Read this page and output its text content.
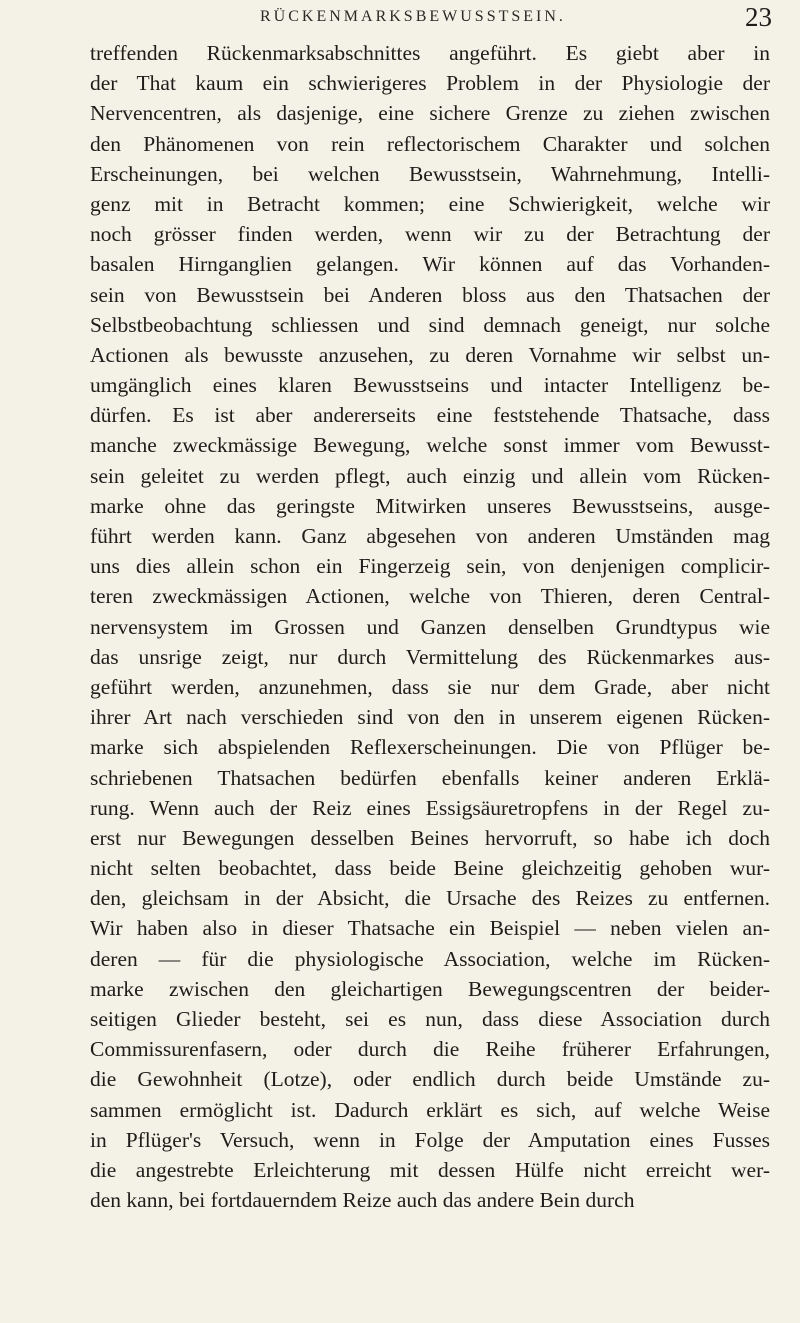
RÜCKENMARKSBEWUSSTSEIN.	23
treffenden Rückenmarksabschnittes angeführt. Es giebt aber in
der That kaum ein schwierigeres Problem in der Physiologie der
Nervencentren, als dasjenige, eine sichere Grenze zu ziehen zwischen
den Phänomenen von rein reflectorischem Charakter und solchen
Erscheinungen, bei welchen Bewusstsein, Wahrnehmung, Intelli-
genz mit in Betracht kommen; eine Schwierigkeit, welche wir
noch grösser finden werden, wenn wir zu der Betrachtung der
basalen Hirnganglien gelangen. Wir können auf das Vorhanden-
sein von Bewusstsein bei Anderen bloss aus den Thatsachen der
Selbstbeobachtung schliessen und sind demnach geneigt, nur solche
Actionen als bewusste anzusehen, zu deren Vornahme wir selbst un-
umgänglich eines klaren Bewusstseins und intacter Intelligenz be-
dürfen. Es ist aber andererseits eine feststehende Thatsache, dass
manche zweckmässige Bewegung, welche sonst immer vom Bewusst-
sein geleitet zu werden pflegt, auch einzig und allein vom Rücken-
marke ohne das geringste Mitwirken unseres Bewusstseins, ausge-
führt werden kann. Ganz abgesehen von anderen Umständen mag
uns dies allein schon ein Fingerzeig sein, von denjenigen complicir-
teren zweckmässigen Actionen, welche von Thieren, deren Central-
nervensystem im Grossen und Ganzen denselben Grundtypus wie
das unsrige zeigt, nur durch Vermittelung des Rückenmarkes aus-
geführt werden, anzunehmen, dass sie nur dem Grade, aber nicht
ihrer Art nach verschieden sind von den in unserem eigenen Rücken-
marke sich abspielenden Reflexerscheinungen. Die von Pflüger be-
schriebenen Thatsachen bedürfen ebenfalls keiner anderen Erklä-
rung. Wenn auch der Reiz eines Essigsäuretropfens in der Regel zu-
erst nur Bewegungen desselben Beines hervorruft, so habe ich doch
nicht selten beobachtet, dass beide Beine gleichzeitig gehoben wur-
den, gleichsam in der Absicht, die Ursache des Reizes zu entfernen.
Wir haben also in dieser Thatsache ein Beispiel — neben vielen an-
deren — für die physiologische Association, welche im Rücken-
marke zwischen den gleichartigen Bewegungscentren der beider-
seitigen Glieder besteht, sei es nun, dass diese Association durch
Commissurenfasern, oder durch die Reihe früherer Erfahrungen,
die Gewohnheit (Lotze), oder endlich durch beide Umstände zu-
sammen ermöglicht ist. Dadurch erklärt es sich, auf welche Weise
in Pflüger's Versuch, wenn in Folge der Amputation eines Fusses
die angestrebte Erleichterung mit dessen Hülfe nicht erreicht wer-
den kann, bei fortdauerndem Reize auch das andere Bein durch
